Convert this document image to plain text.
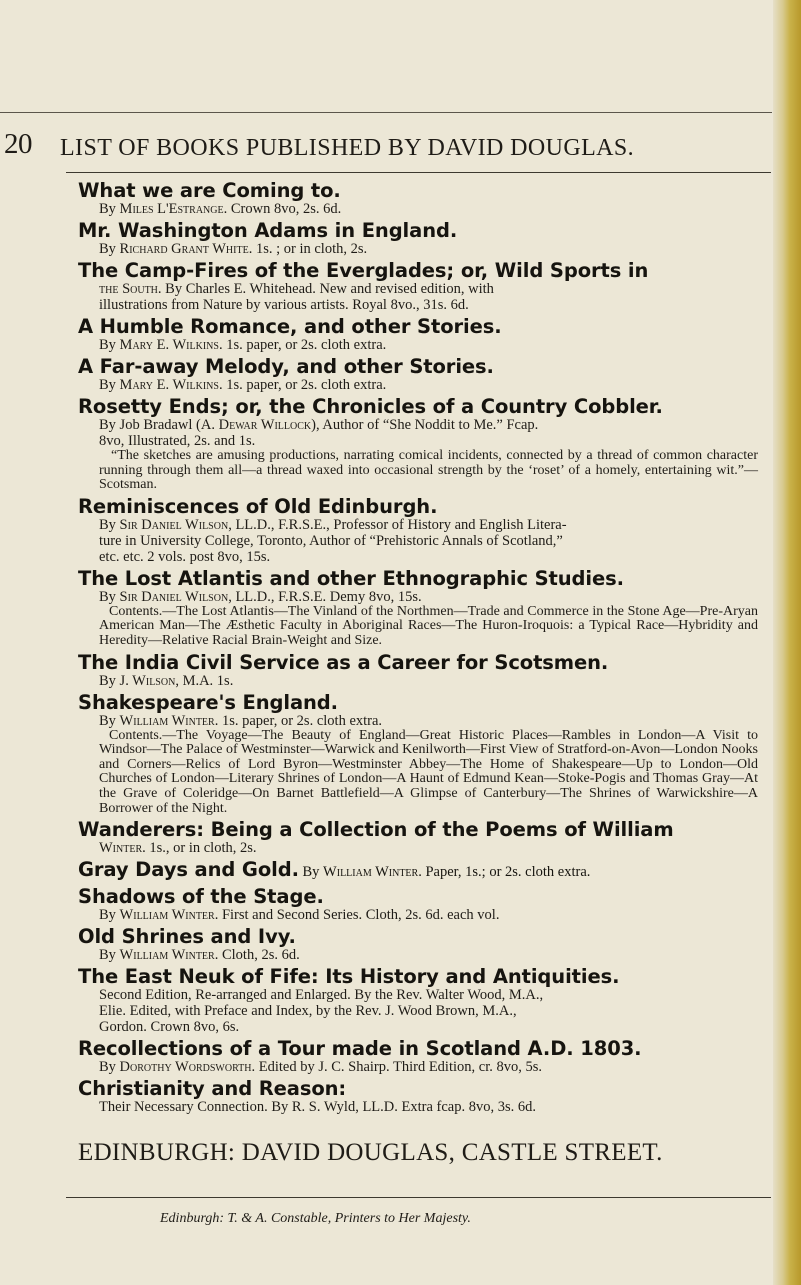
20 LIST OF BOOKS PUBLISHED BY DAVID DOUGLAS.
What we are Coming to.
By Miles L'Estrange. Crown 8vo, 2s. 6d.
Mr. Washington Adams in England.
By Richard Grant White. 1s. ; or in cloth, 2s.
The Camp-Fires of the Everglades; or, Wild Sports in
the South. By Charles E. Whitehead. New and revised edition, with
illustrations from Nature by various artists. Royal 8vo., 31s. 6d.
A Humble Romance, and other Stories.
By Mary E. Wilkins. 1s. paper, or 2s. cloth extra.
A Far-away Melody, and other Stories.
By Mary E. Wilkins. 1s. paper, or 2s. cloth extra.
Rosetty Ends; or, the Chronicles of a Country Cobbler.
By Job Bradawl (A. Dewar Willock), Author of “She Noddit to Me.” Fcap.
8vo, Illustrated, 2s. and 1s.
“The sketches are amusing productions, narrating comical incidents, connected by a thread of common character running through them all—a thread waxed into occasional strength by the ‘roset’ of a homely, entertaining wit.”—Scotsman.
Reminiscences of Old Edinburgh.
By Sir Daniel Wilson, LL.D., F.R.S.E., Professor of History and English Litera-
ture in University College, Toronto, Author of “Prehistoric Annals of Scotland,”
etc. etc. 2 vols. post 8vo, 15s.
The Lost Atlantis and other Ethnographic Studies.
By Sir Daniel Wilson, LL.D., F.R.S.E. Demy 8vo, 15s.
Contents.—The Lost Atlantis—The Vinland of the Northmen—Trade and Commerce in the Stone Age—Pre-Aryan American Man—The Æsthetic Faculty in Aboriginal Races—The Huron-Iroquois: a Typical Race—Hybridity and Heredity—Relative Racial Brain-Weight and Size.
The India Civil Service as a Career for Scotsmen.
By J. Wilson, M.A. 1s.
Shakespeare's England.
By William Winter. 1s. paper, or 2s. cloth extra.
Contents.—The Voyage—The Beauty of England—Great Historic Places—Rambles in London—A Visit to Windsor—The Palace of Westminster—Warwick and Kenilworth—First View of Stratford-on-Avon—London Nooks and Corners—Relics of Lord Byron—Westminster Abbey—The Home of Shakespeare—Up to London—Old Churches of London—Literary Shrines of London—A Haunt of Edmund Kean—Stoke-Pogis and Thomas Gray—At the Grave of Coleridge—On Barnet Battlefield—A Glimpse of Canterbury—The Shrines of Warwickshire—A Borrower of the Night.
Wanderers: Being a Collection of the Poems of William
Winter. 1s., or in cloth, 2s.
Gray Days and Gold. By William Winter. Paper, 1s.; or 2s. cloth extra.
Shadows of the Stage.
By William Winter. First and Second Series. Cloth, 2s. 6d. each vol.
Old Shrines and Ivy.
By William Winter. Cloth, 2s. 6d.
The East Neuk of Fife: Its History and Antiquities.
Second Edition, Re-arranged and Enlarged. By the Rev. Walter Wood, M.A.,
Elie. Edited, with Preface and Index, by the Rev. J. Wood Brown, M.A.,
Gordon. Crown 8vo, 6s.
Recollections of a Tour made in Scotland A.D. 1803.
By Dorothy Wordsworth. Edited by J. C. Shairp. Third Edition, cr. 8vo, 5s.
Christianity and Reason:
Their Necessary Connection. By R. S. Wyld, LL.D. Extra fcap. 8vo, 3s. 6d.
EDINBURGH: DAVID DOUGLAS, CASTLE STREET.
Edinburgh: T. & A. Constable, Printers to Her Majesty.
